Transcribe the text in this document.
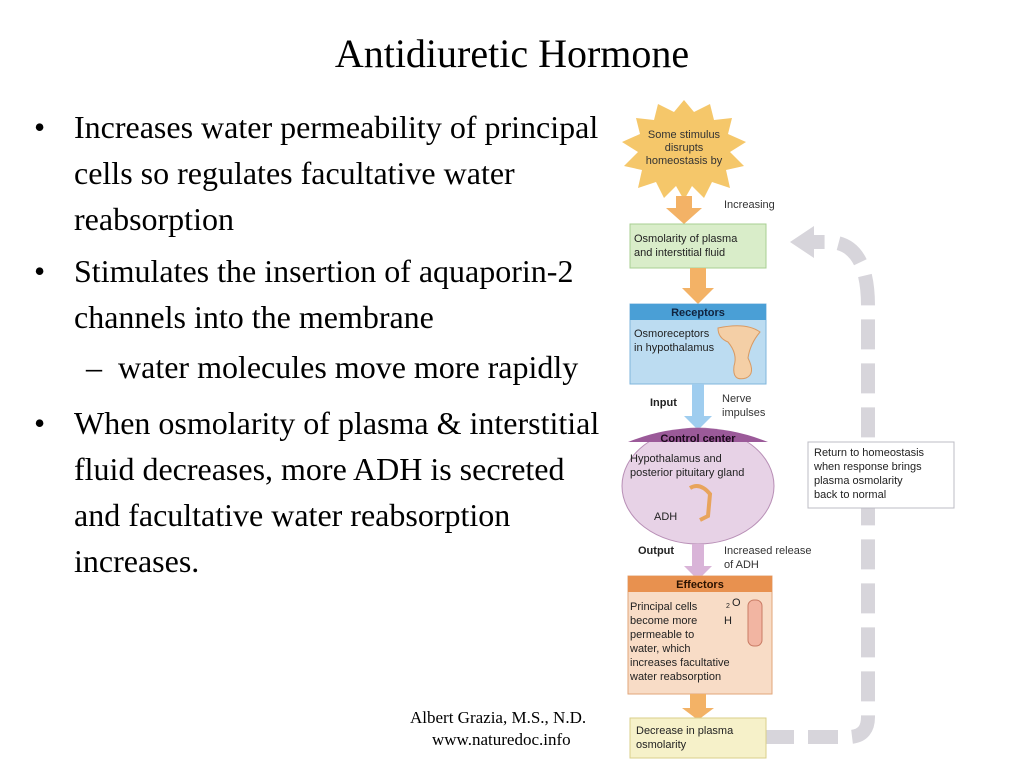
Antidiuretic Hormone
• Increases water permeability of principal cells so regulates facultative water reabsorption
• Stimulates the insertion of aquaporin-2 channels into the membrane
– water molecules move more rapidly
• When osmolarity of plasma & interstitial fluid decreases, more ADH is secreted and facultative water reabsorption increases.
Albert Grazia, M.S., N.D.
www.naturedoc.info
Some stimulus
disrupts
homeostasis by
Increasing
Osmolarity of plasma
and interstitial fluid
Receptors
Osmoreceptors
in hypothalamus
Input	Nerve
impulses
Control center
Hypothalamus and
posterior pituitary gland
ADH
Output	Increased release
of ADH
Effectors
Principal cells
become more
permeable to
water, which
increases facultative
water reabsorption
O
2
H
Decrease in plasma
osmolarity
Return to homeostasis
when response brings
plasma osmolarity
back to normal
